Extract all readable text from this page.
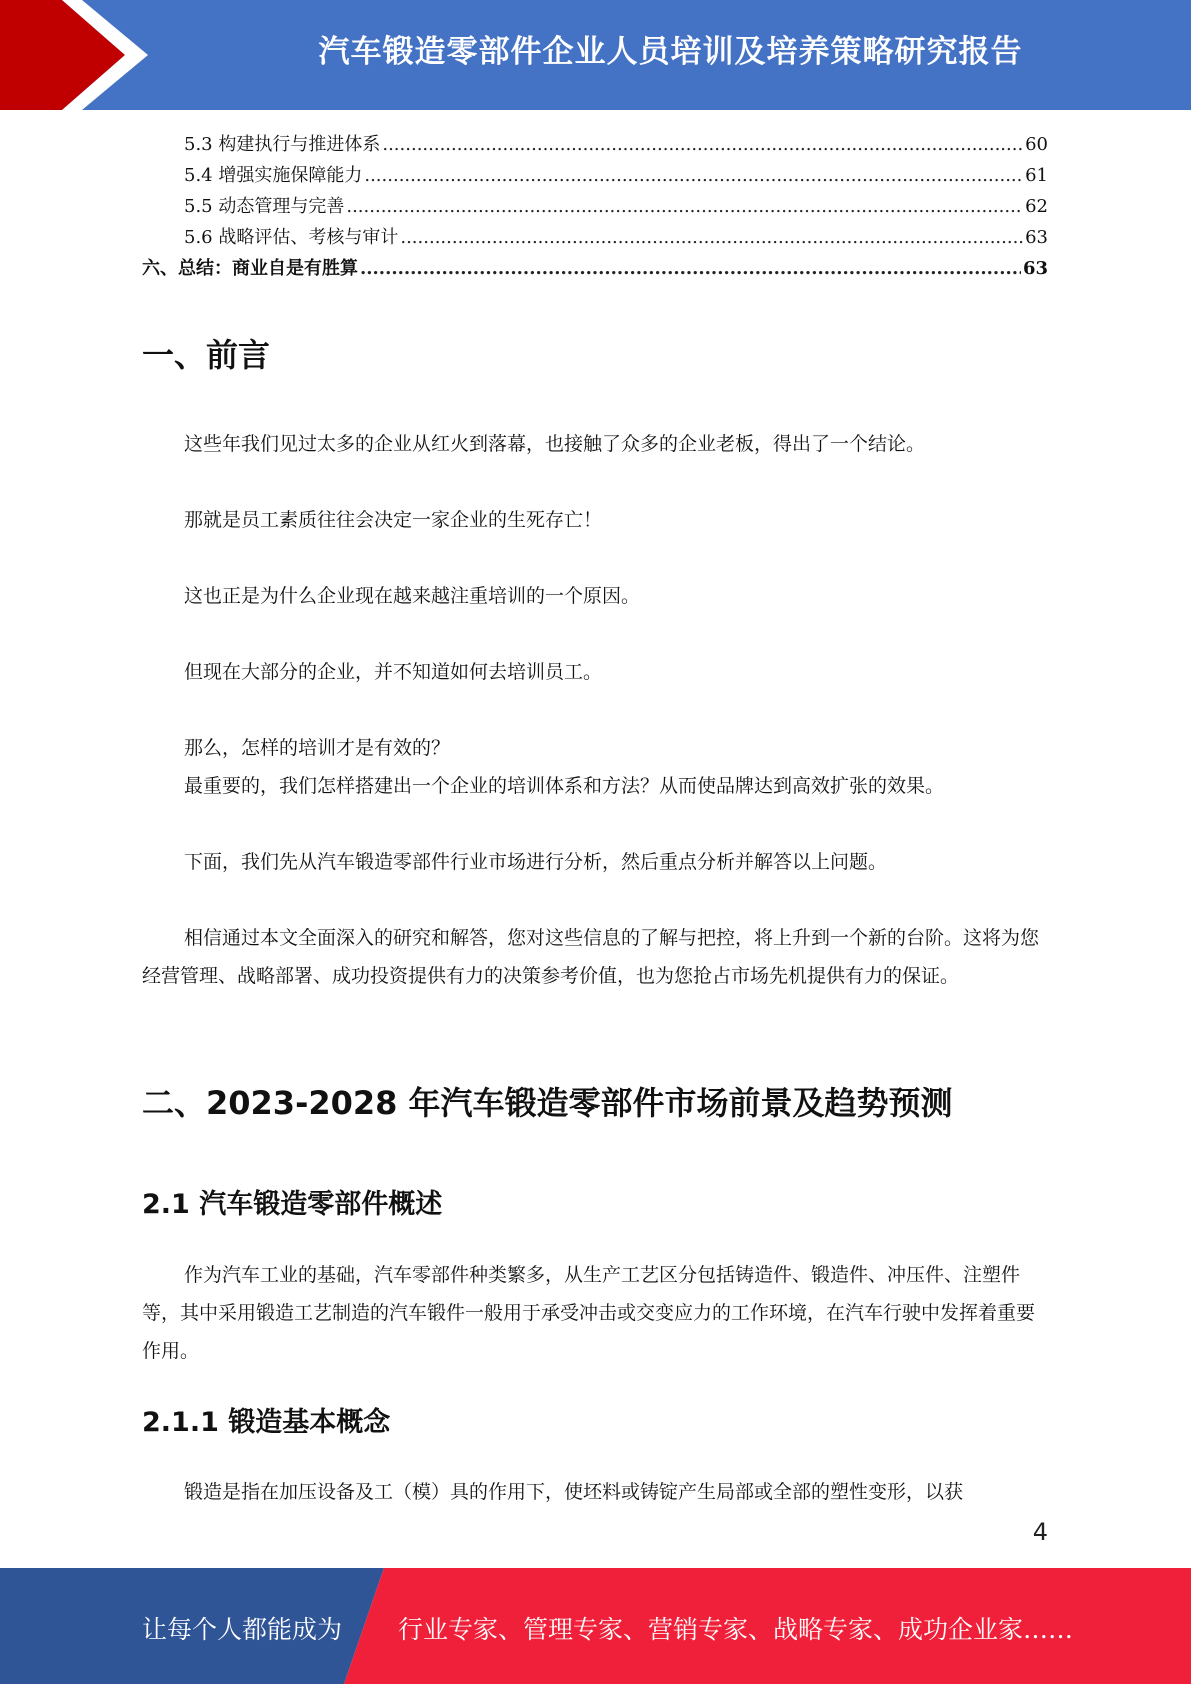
汽车锻造零部件企业人员培训及培养策略研究报告
5.3 构建执行与推进体系 .....	60
5.4 增强实施保障能力 .....	61
5.5 动态管理与完善 .....	62
5.6 战略评估、考核与审计 .....	63
六、总结：商业自是有胜算 .....	63
一、前言
这些年我们见过太多的企业从红火到落幕，也接触了众多的企业老板，得出了一个结论。
那就是员工素质往往会决定一家企业的生死存亡！
这也正是为什么企业现在越来越注重培训的一个原因。
但现在大部分的企业，并不知道如何去培训员工。
那么，怎样的培训才是有效的？
最重要的，我们怎样搭建出一个企业的培训体系和方法？从而使品牌达到高效扩张的效果。
下面，我们先从汽车锻造零部件行业市场进行分析，然后重点分析并解答以上问题。
相信通过本文全面深入的研究和解答，您对这些信息的了解与把控，将上升到一个新的台阶。这将为您经营管理、战略部署、成功投资提供有力的决策参考价值，也为您抢占市场先机提供有力的保证。
二、2023-2028 年汽车锻造零部件市场前景及趋势预测
2.1 汽车锻造零部件概述
作为汽车工业的基础，汽车零部件种类繁多，从生产工艺区分包括铸造件、锻造件、冲压件、注塑件等，其中采用锻造工艺制造的汽车锻件一般用于承受冲击或交变应力的工作环境，在汽车行驶中发挥着重要作用。
2.1.1 锻造基本概念
锻造是指在加压设备及工（模）具的作用下，使坯料或铸锭产生局部或全部的塑性变形，以获
4
让每个人都能成为 行业专家、管理专家、营销专家、战略专家、成功企业家……
